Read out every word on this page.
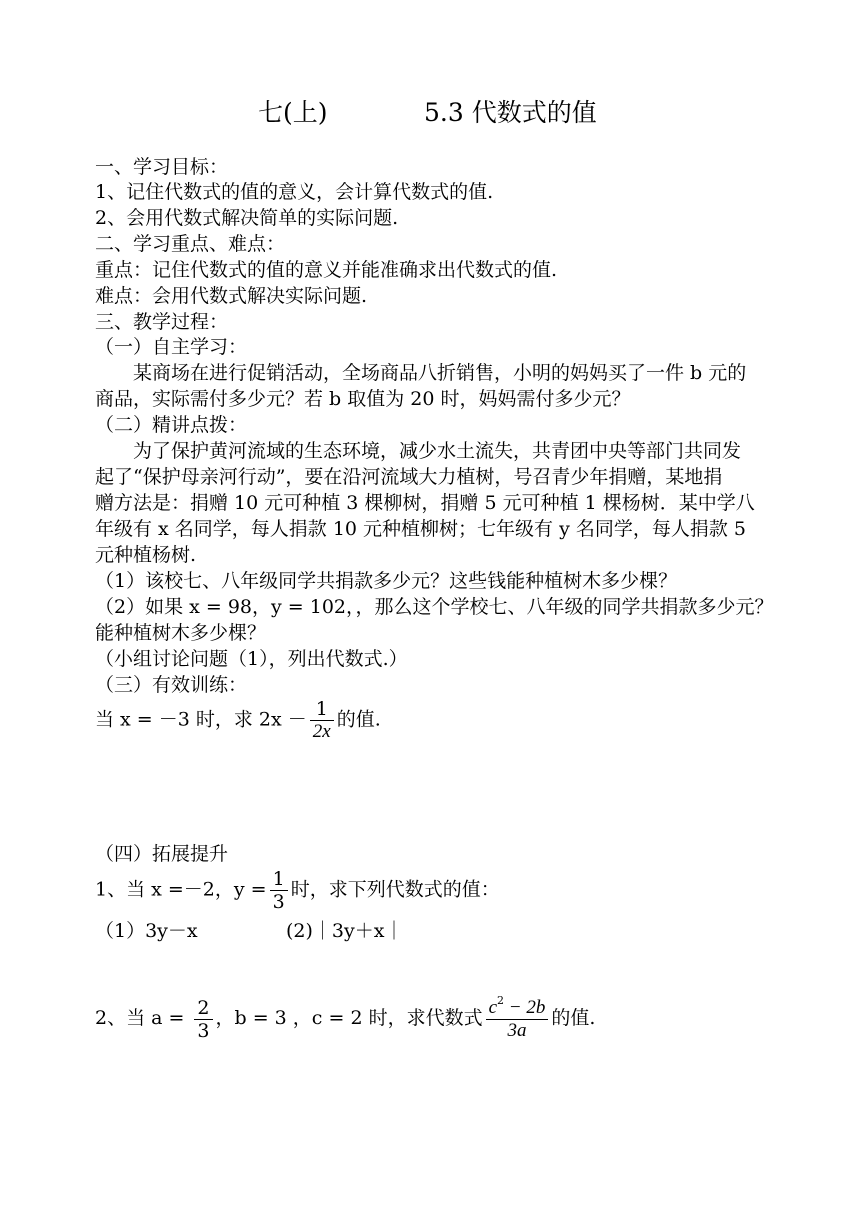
七(上)	5.3 代数式的值
一、学习目标：
1、记住代数式的值的意义，会计算代数式的值.
2、会用代数式解决简单的实际问题.
二、学习重点、难点：
重点：记住代数式的值的意义并能准确求出代数式的值.
难点：会用代数式解决实际问题.
三、教学过程：
（一）自主学习：
某商场在进行促销活动，全场商品八折销售，小明的妈妈买了一件 b 元的
商品，实际需付多少元？若 b 取值为 20 时，妈妈需付多少元？
（二）精讲点拨：
为了保护黄河流域的生态环境，减少水土流失，共青团中央等部门共同发
起了“保护母亲河行动”，要在沿河流域大力植树，号召青少年捐赠，某地捐
赠方法是：捐赠 10 元可种植 3 棵柳树，捐赠 5 元可种植 1 棵杨树．某中学八
年级有 x 名同学，每人捐款 10 元种植柳树；七年级有 y 名同学，每人捐款 5
元种植杨树.
（1）该校七、八年级同学共捐款多少元？这些钱能种植树木多少棵？
（2）如果 x = 98，y = 102，，那么这个学校七、八年级的同学共捐款多少元？
能种植树木多少棵？
（小组讨论问题（1），列出代数式.）
（三）有效训练：
当 x = －3 时，求 $2x - \frac{1}{2x}$ 的值.
（四）拓展提升
1、当 x =－2，$y = \frac{1}{3}$ 时，求下列代数式的值：
（1）3y－x	(2)｜3y＋x｜
2、当 $a = \frac{2}{3}$ ，b = 3 ，c = 2 时，求代数式 $\frac{c^2 - 2b}{3a}$ 的值.
